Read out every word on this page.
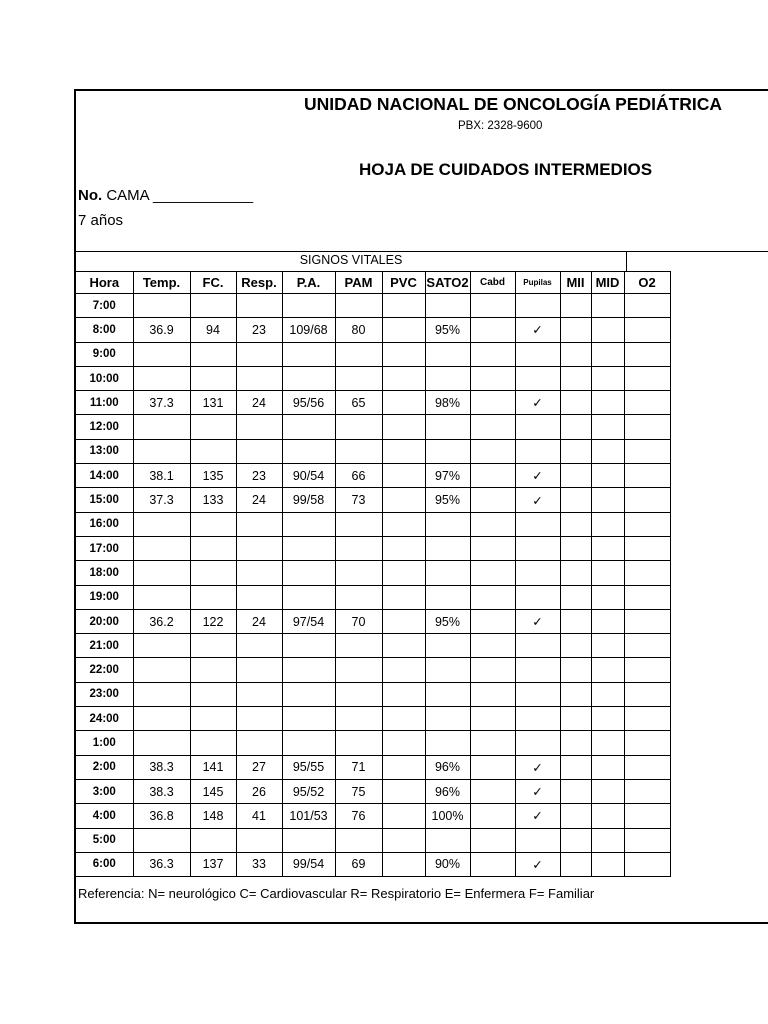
UNIDAD NACIONAL DE ONCOLOGÍA PEDIÁTRICA
PBX: 2328-9600
HOJA DE CUIDADOS INTERMEDIOS
No. CAMA ____________
7 años
SIGNOS VITALES
Hora	Temp.	FC.	Resp.	P.A.	PAM	PVC	SATO2	Cabd	Pupilas	MII	MID	O2
7:00												
8:00	36.9	94	23	109/68	80		95%		✓			
9:00												
10:00												
11:00	37.3	131	24	95/56	65		98%		✓			
12:00												
13:00												
14:00	38.1	135	23	90/54	66		97%		✓			
15:00	37.3	133	24	99/58	73		95%		✓			
16:00												
17:00												
18:00												
19:00												
20:00	36.2	122	24	97/54	70		95%		✓			
21:00												
22:00												
23:00												
24:00												
1:00												
2:00	38.3	141	27	95/55	71		96%		✓			
3:00	38.3	145	26	95/52	75		96%		✓			
4:00	36.8	148	41	101/53	76		100%		✓			
5:00												
6:00	36.3	137	33	99/54	69		90%		✓			
Referencia: N= neurológico C= Cardiovascular R= Respiratorio E= Enfermera F= Familiar
